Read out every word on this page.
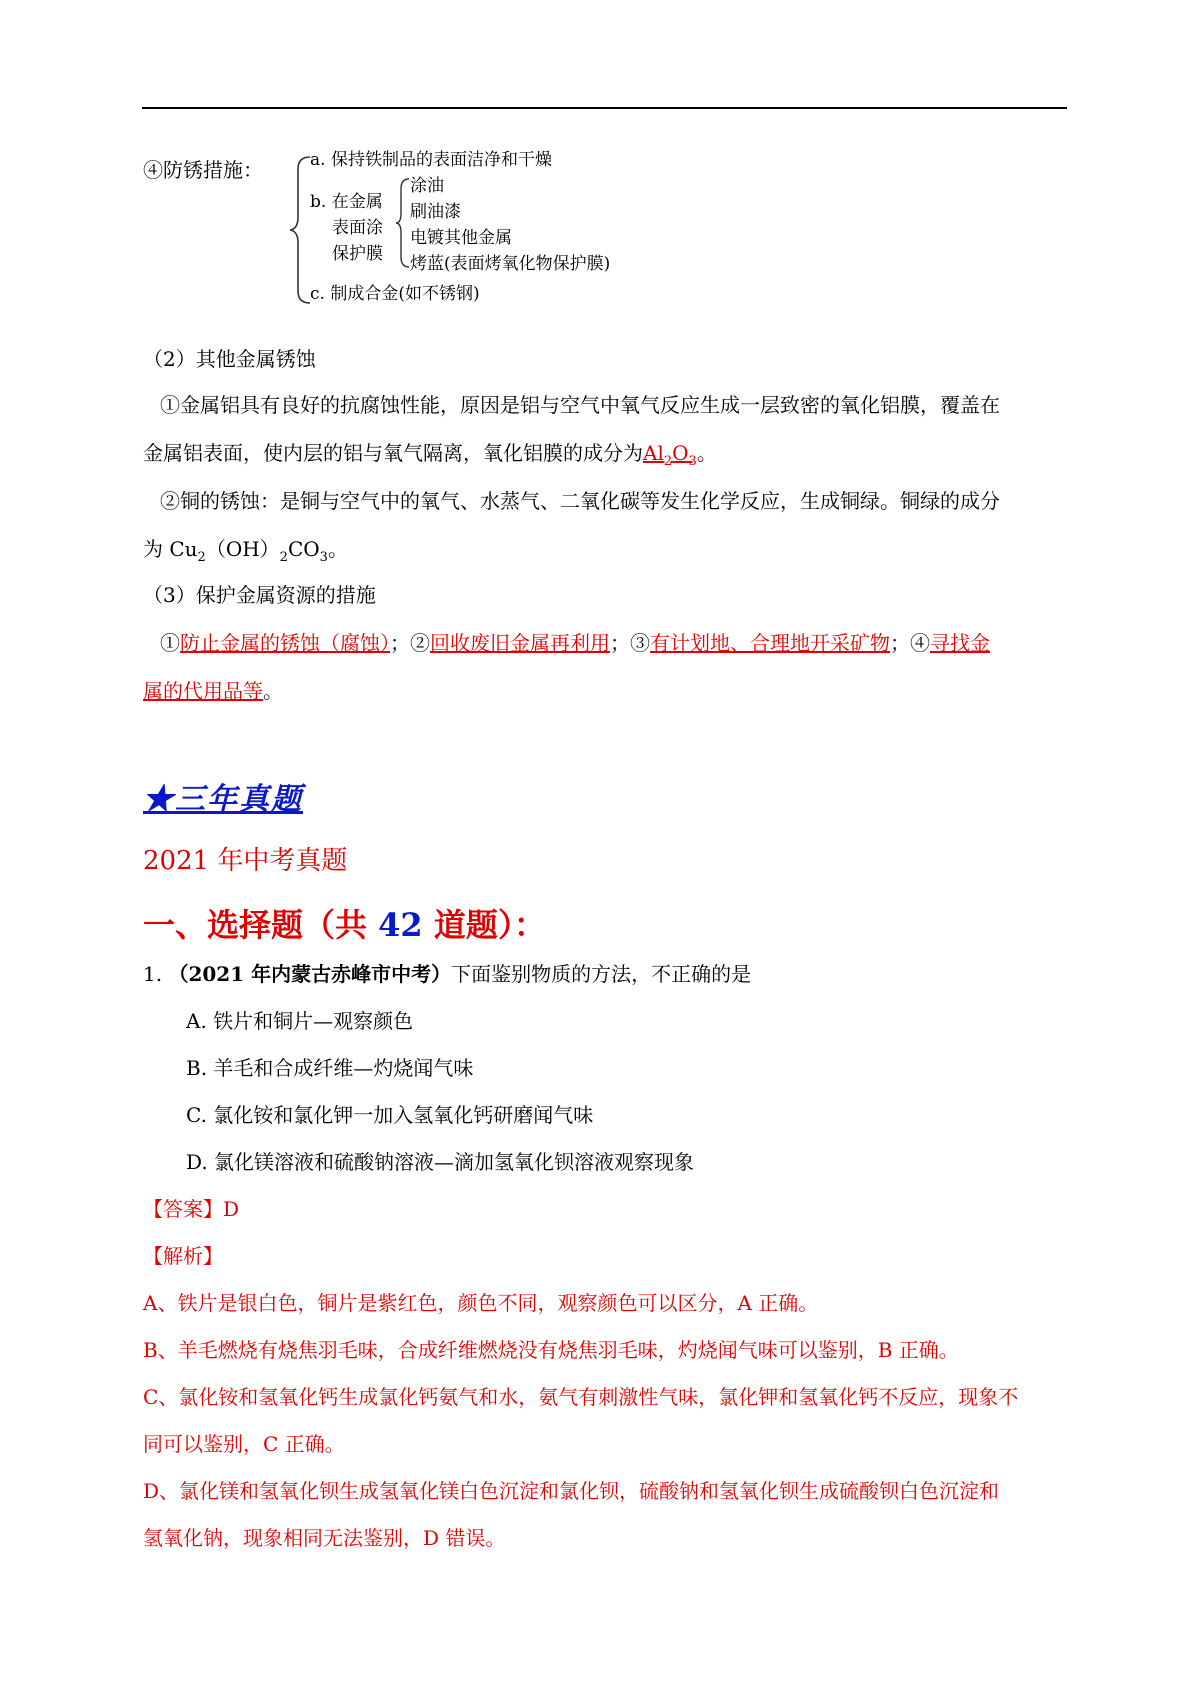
④防锈措施：	a. 保持铁制品的表面洁净和干燥
b. 在金属
表面涂
保护膜
涂油
刷油漆
电镀其他金属
烤蓝(表面烤氧化物保护膜)
c. 制成合金(如不锈钢)
（2）其他金属锈蚀
①金属铝具有良好的抗腐蚀性能，原因是铝与空气中氧气反应生成一层致密的氧化铝膜，覆盖在
金属铝表面，使内层的铝与氧气隔离，氧化铝膜的成分为$Al_2O_3$。
②铜的锈蚀：是铜与空气中的氧气、水蒸气、二氧化碳等发生化学反应，生成铜绿。铜绿的成分
为 $Cu_2(OH)_2CO_3$。
（3）保护金属资源的措施
①防止金属的锈蚀（腐蚀）；②回收废旧金属再利用；③有计划地、合理地开采矿物；④寻找金
属的代用品等。
★三年真题
2021 年中考真题
一、选择题（共 42 道题）：
1. （2021 年内蒙古赤峰市中考）下面鉴别物质的方法，不正确的是
A. 铁片和铜片—观察颜色
B. 羊毛和合成纤维—灼烧闻气味
C. 氯化铵和氯化钾一加入氢氧化钙研磨闻气味
D. 氯化镁溶液和硫酸钠溶液—滴加氢氧化钡溶液观察现象
【答案】D
【解析】
A、铁片是银白色，铜片是紫红色，颜色不同，观察颜色可以区分，A 正确。
B、羊毛燃烧有烧焦羽毛味，合成纤维燃烧没有烧焦羽毛味，灼烧闻气味可以鉴别，B 正确。
C、氯化铵和氢氧化钙生成氯化钙氨气和水，氨气有刺激性气味，氯化钾和氢氧化钙不反应，现象不
同可以鉴别，C 正确。
D、氯化镁和氢氧化钡生成氢氧化镁白色沉淀和氯化钡，硫酸钠和氢氧化钡生成硫酸钡白色沉淀和
氢氧化钠，现象相同无法鉴别，D 错误。
